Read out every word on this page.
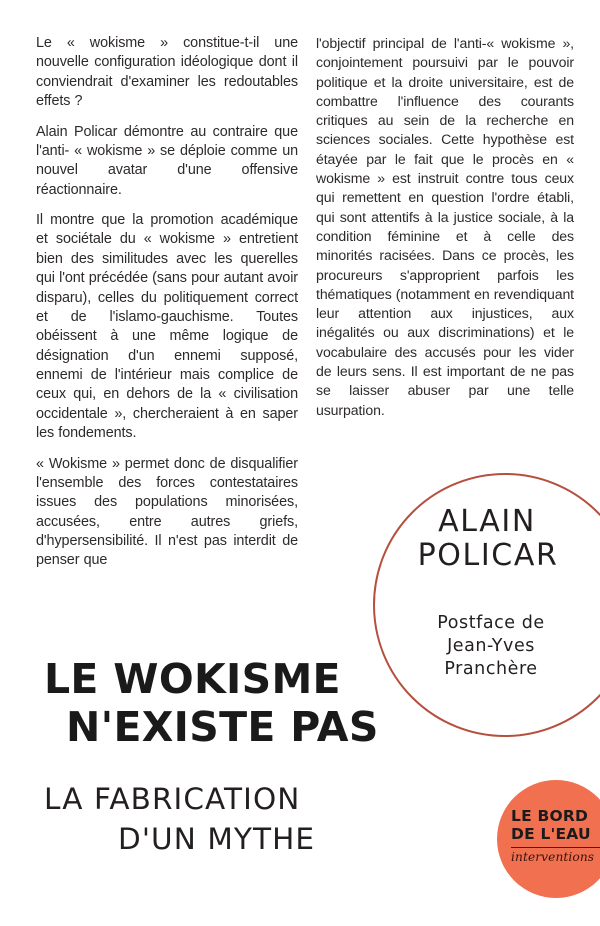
Le « wokisme » constitue-t-il une nouvelle configuration idéologique dont il conviendrait d'examiner les redoutables effets ?

Alain Policar démontre au contraire que l'anti- « wokisme » se déploie comme un nouvel avatar d'une offensive réactionnaire.

Il montre que la promotion académique et sociétale du « wokisme » entretient bien des similitudes avec les querelles qui l'ont précédée (sans pour autant avoir disparu), celles du politiquement correct et de l'islamo-gauchisme. Toutes obéissent à une même logique de désignation d'un ennemi supposé, ennemi de l'intérieur mais complice de ceux qui, en dehors de la « civilisation occidentale », chercheraient à en saper les fondements.

« Wokisme » permet donc de disqualifier l'ensemble des forces contestataires issues des populations minorisées, accusées, entre autres griefs, d'hypersensibilité. Il n'est pas interdit de penser que

l'objectif principal de l'anti-« wokisme », conjointement poursuivi par le pouvoir politique et la droite universitaire, est de combattre l'influence des courants critiques au sein de la recherche en sciences sociales. Cette hypothèse est étayée par le fait que le procès en « wokisme » est instruit contre tous ceux qui remettent en question l'ordre établi, qui sont attentifs à la justice sociale, à la condition féminine et à celle des minorités racisées. Dans ce procès, les procureurs s'approprient parfois les thématiques (notamment en revendiquant leur attention aux injustices, aux inégalités ou aux discriminations) et le vocabulaire des accusés pour les vider de leurs sens. Il est important de ne pas se laisser abuser par une telle usurpation.

ALAIN
POLICAR
Postface de
Jean-Yves
Pranchère
LE WOKISME
N'EXISTE PAS
LA FABRICATION
D'UN MYTHE
LE BORD
DE L'EAU
interventions
